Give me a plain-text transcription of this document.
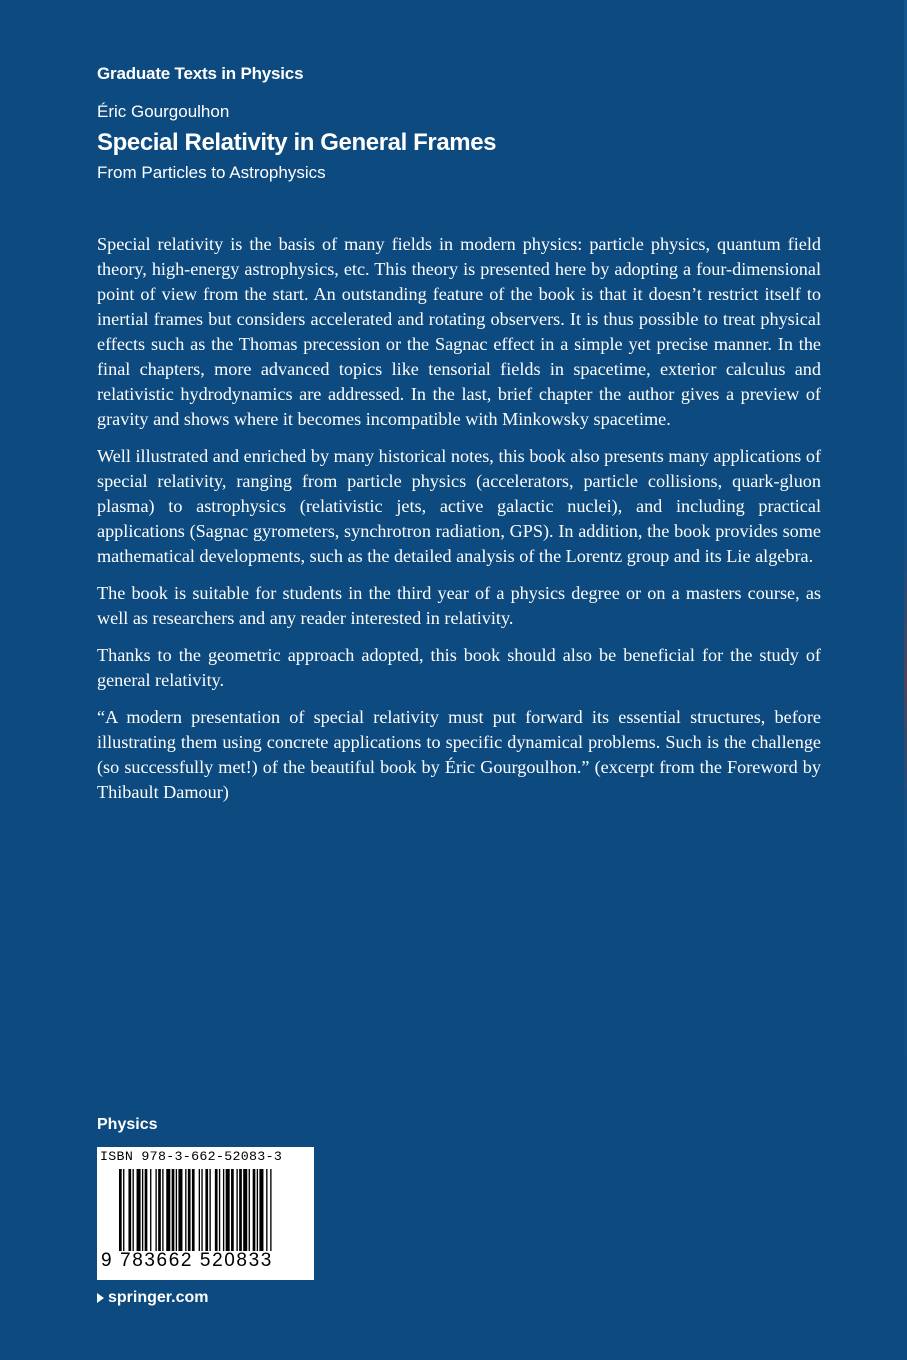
Graduate Texts in Physics
Éric Gourgoulhon
Special Relativity in General Frames
From Particles to Astrophysics

Special relativity is the basis of many fields in modern physics: particle physics, quantum field theory, high-energy astrophysics, etc. This theory is presented here by adopting a four-dimensional point of view from the start. An outstanding feature of the book is that it doesn’t restrict itself to inertial frames but considers accelerated and rotating observers. It is thus possible to treat physical effects such as the Thomas precession or the Sagnac effect in a simple yet precise manner. In the final chapters, more advanced topics like tensorial fields in spacetime, exterior calculus and relativistic hydrodynamics are addressed. In the last, brief chapter the author gives a preview of gravity and shows where it becomes incompatible with Minkowsky spacetime.

Well illustrated and enriched by many historical notes, this book also presents many applications of special relativity, ranging from particle physics (accelerators, particle collisions, quark-gluon plasma) to astrophysics (relativistic jets, active galactic nuclei), and including practical applications (Sagnac gyrometers, synchrotron radiation, GPS). In addition, the book provides some mathematical developments, such as the detailed analysis of the Lorentz group and its Lie algebra.

The book is suitable for students in the third year of a physics degree or on a masters course, as well as researchers and any reader interested in relativity.

Thanks to the geometric approach adopted, this book should also be beneficial for the study of general relativity.

“A modern presentation of special relativity must put forward its essential structures, before illustrating them using concrete applications to specific dynamical problems. Such is the challenge (so successfully met!) of the beautiful book by Éric Gourgoulhon.” (excerpt from the Foreword by Thibault Damour)

Physics
ISBN 978-3-662-52083-3
9 783662 520833
springer.com
